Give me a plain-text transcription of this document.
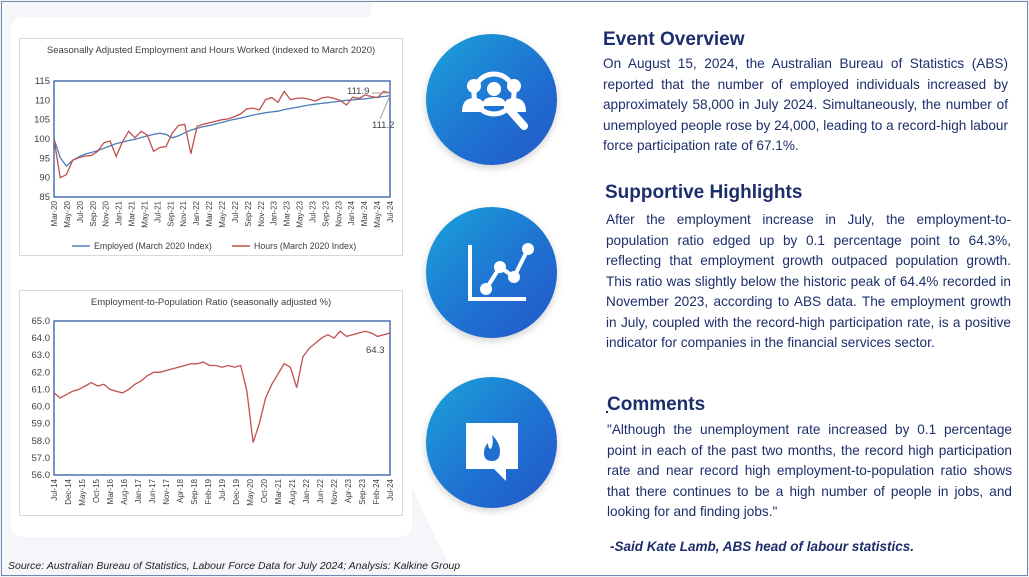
Seasonally Adjusted Employment and Hours Worked (indexed to March 2020)
85
90
95
100
105
110
115
Mar-20 May-20 Jul-20 Sep-20 Nov-20 Jan-21 Mar-21 May-21 Jul-21 Sep-21 Nov-21 Jan-22 Mar-22 May-22 Jul-22 Sep-22 Nov-22 Jan-23 Mar-23 May-23 Jul-23 Sep-23 Nov-23 Jan-24 Mar-24 May-24 Jul-24
111.9
111.2
Employed (March 2020 Index)	Hours (March 2020 Index)
Employment-to-Population Ratio (seasonally adjusted %)
56.0
57.0
58.0
59.0
60.0
61.0
62.0
63.0
64.0
65.0
Jul-14 Dec-14 May-15 Oct-15 Mar-16 Aug-16 Jan-17 Jun-17 Nov-17 Apr-18 Sep-18 Feb-19 Jul-19 Dec-19 May-20 Oct-20 Mar-21 Aug-21 Jan-22 Jun-22 Nov-22 Apr-23 Sep-23 Feb-24 Jul-24
64.3
Source: Australian Bureau of Statistics, Labour Force Data for July 2024; Analysis: Kalkine Group
Event Overview
On August 15, 2024, the Australian Bureau of Statistics (ABS) reported that the number of employed individuals increased by approximately 58,000 in July 2024. Simultaneously, the number of unemployed people rose by 24,000, leading to a record-high labour force participation rate of 67.1%.
Supportive Highlights
After the employment increase in July, the employment-to-population ratio edged up by 0.1 percentage point to 64.3%, reflecting that employment growth outpaced population growth. This ratio was slightly below the historic peak of 64.4% recorded in November 2023, according to ABS data. The employment growth in July, coupled with the record-high participation rate, is a positive indicator for companies in the financial services sector.
Comments
"Although the unemployment rate increased by 0.1 percentage point in each of the past two months, the record high participation rate and near record high employment-to-population ratio shows that there continues to be a high number of people in jobs, and looking for and finding jobs."
-Said Kate Lamb, ABS head of labour statistics.
